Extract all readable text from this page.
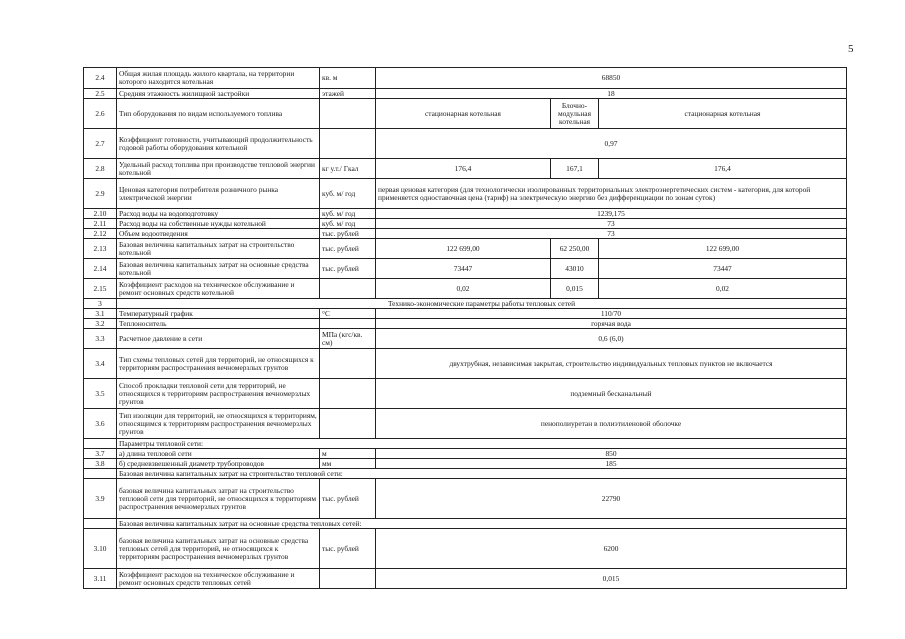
5
2.4	Общая жилая площадь жилого квартала, на территории которого находится котельная	кв. м	68850		
2.5	Средняя этажность жилищной застройки	этажей	18		
2.6	Тип оборудования по видам используемого топлива		стационарная котельная	Блочно-модульная котельная	стационарная котельная
2.7	Коэффициент готовности, учитывающий продолжительность годовой работы оборудования котельной		0,97		
2.8	Удельный расход топлива при производстве тепловой энергии котельной	кг у.т./ Гкал	176,4	167,1	176,4
2.9	Ценовая категория потребителя розничного рынка электрической энергии	куб. м/ год	первая ценовая категория (для технологически изолированных территориальных электроэнергетических систем - категория, для которой применяется одноставочная цена (тариф) на электрическую энергию без дифференциации по зонам суток)		
2.10	Расход воды на водоподготовку	куб. м/ год	1239,175		
2.11	Расход воды на собственные нужды котельной	куб. м/ год	73		
2.12	Объем водоотведения	тыс. рублей	73		
2.13	Базовая величина капитальных затрат на строительство котельной	тыс. рублей	122 699,00	62 250,00	122 699,00
2.14	Базовая величина капитальных затрат на основные средства котельной	тыс. рублей	73447	43010	73447
2.15	Коэффициент расходов на техническое обслуживание и ремонт основных средств котельной		0,02	0,015	0,02
3	Технико-экономические параметры работы тепловых сетей				
3.1	Температурный график	°С	110/70		
3.2	Теплоноситель		горячая вода		
3.3	Расчетное давление в сети	МПа (кгс/кв. см)	0,6 (6,0)		
3.4	Тип схемы тепловых сетей для территорий, не относящихся к территориям распространения вечномерзлых грунтов		двухтрубная, независимая закрытая, строительство индивидуальных тепловых пунктов не включается		
3.5	Способ прокладки тепловой сети для территорий, не относящихся к территориям распространения вечномерзлых грунтов		подземный бесканальный		
3.6	Тип изоляции для территорий, не относящихся к территориям, относящимся к территориям распространения вечномерзлых грунтов		пенополиуретан в полиэтиленовой оболочке		
	Параметры тепловой сети:				
3.7	а) длина тепловой сети	м	850		
3.8	б) средневзвешенный диаметр трубопроводов	мм	185		
	Базовая величина капитальных затрат на строительство тепловой сети:				
3.9	базовая величина капитальных затрат на строительство тепловой сети для территорий, не относящихся к территориям распространения вечномерзлых грунтов	тыс. рублей	22790		
	Базовая величина капитальных затрат на основные средства тепловых сетей:				
3.10	базовая величина капитальных затрат на основные средства тепловых сетей для территорий, не относящихся к территориям распространения вечномерзлых грунтов	тыс. рублей	6200		
3.11	Коэффициент расходов на техническое обслуживание и ремонт основных средств тепловых сетей		0,015		
